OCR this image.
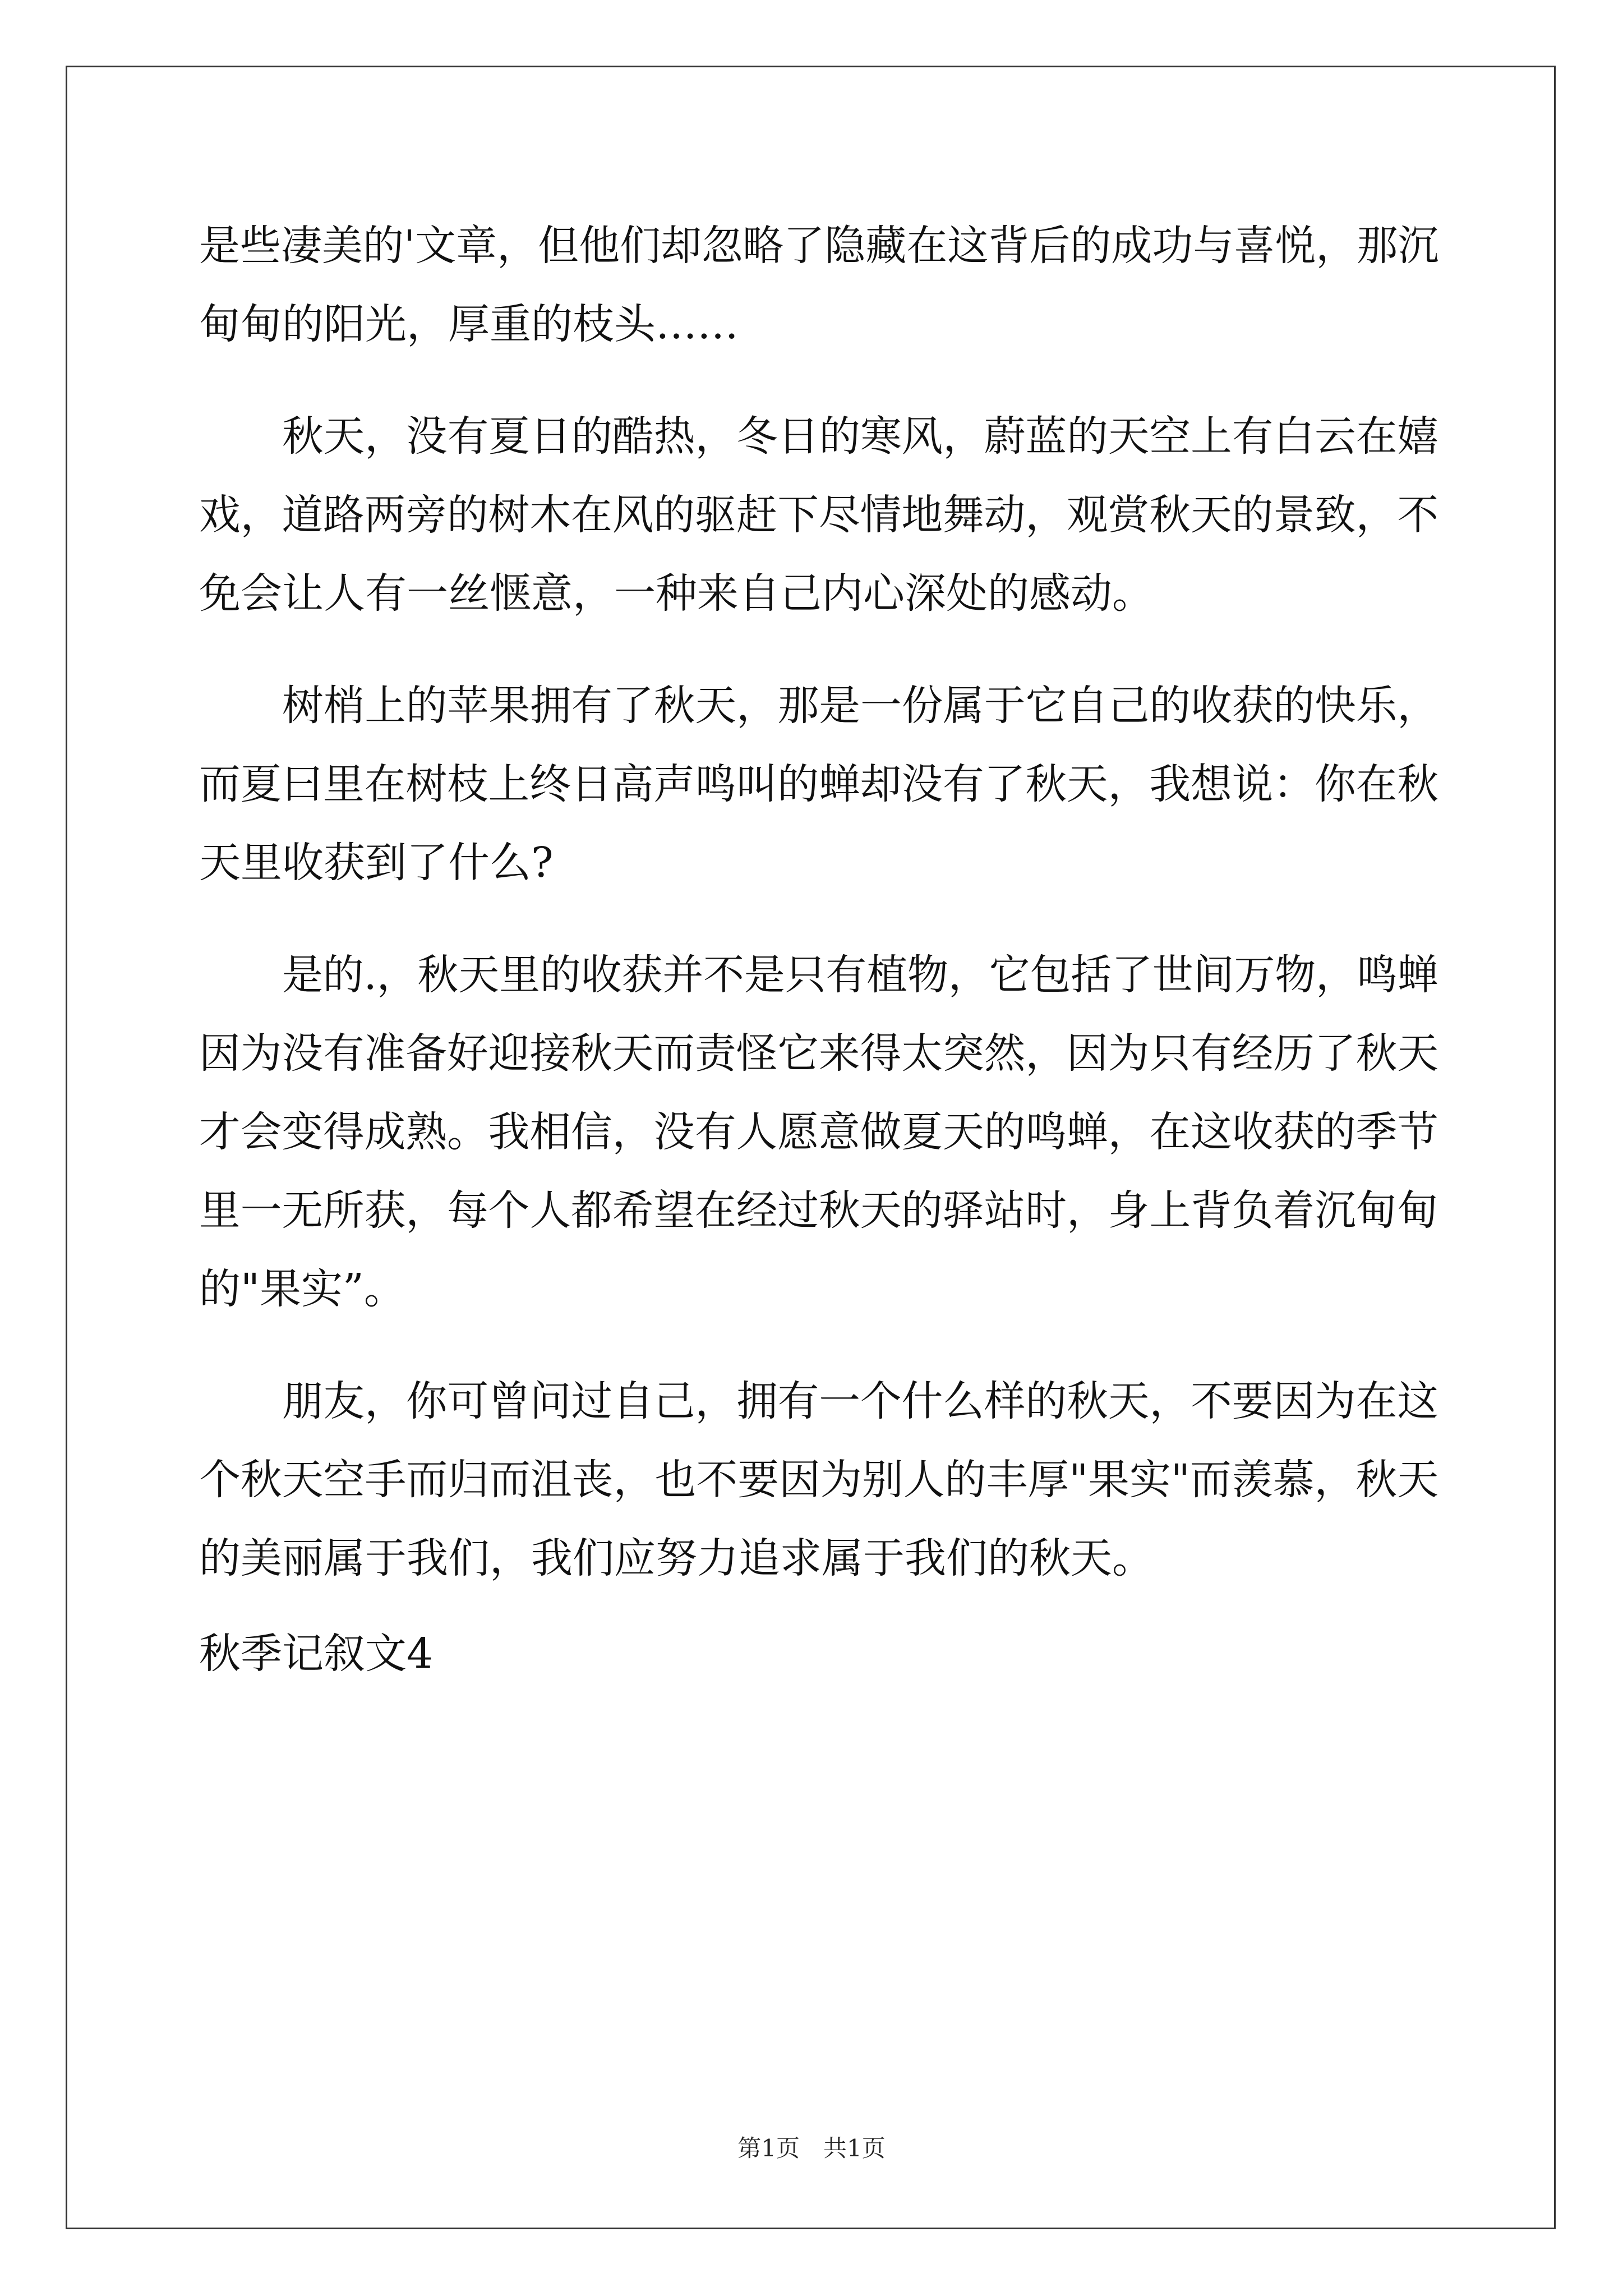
是些凄美的'文章，但他们却忽略了隐藏在这背后的成功与喜悦，那沉
甸甸的阳光，厚重的枝头……
秋天，没有夏日的酷热，冬日的寒风，蔚蓝的天空上有白云在嬉
戏，道路两旁的树木在风的驱赶下尽情地舞动，观赏秋天的景致，不
免会让人有一丝惬意，一种来自己内心深处的感动。
树梢上的苹果拥有了秋天，那是一份属于它自己的收获的快乐，
而夏曰里在树枝上终日高声鸣叫的蝉却没有了秋天，我想说：你在秋
天里收获到了什么?
是的.，秋天里的收获并不是只有植物，它包括了世间万物，鸣蝉
因为没有准备好迎接秋天而责怪它来得太突然，因为只有经历了秋天
才会变得成熟。我相信，没有人愿意做夏天的鸣蝉，在这收获的季节
里一无所获，每个人都希望在经过秋天的驿站时，身上背负着沉甸甸
的"果实”。
朋友，你可曾问过自己，拥有一个什么样的秋天，不要因为在这
个秋天空手而归而沮丧，也不要因为别人的丰厚"果实"而羡慕，秋天
的美丽属于我们，我们应努力追求属于我们的秋天。
秋季记叙文4
第1页　共1页
